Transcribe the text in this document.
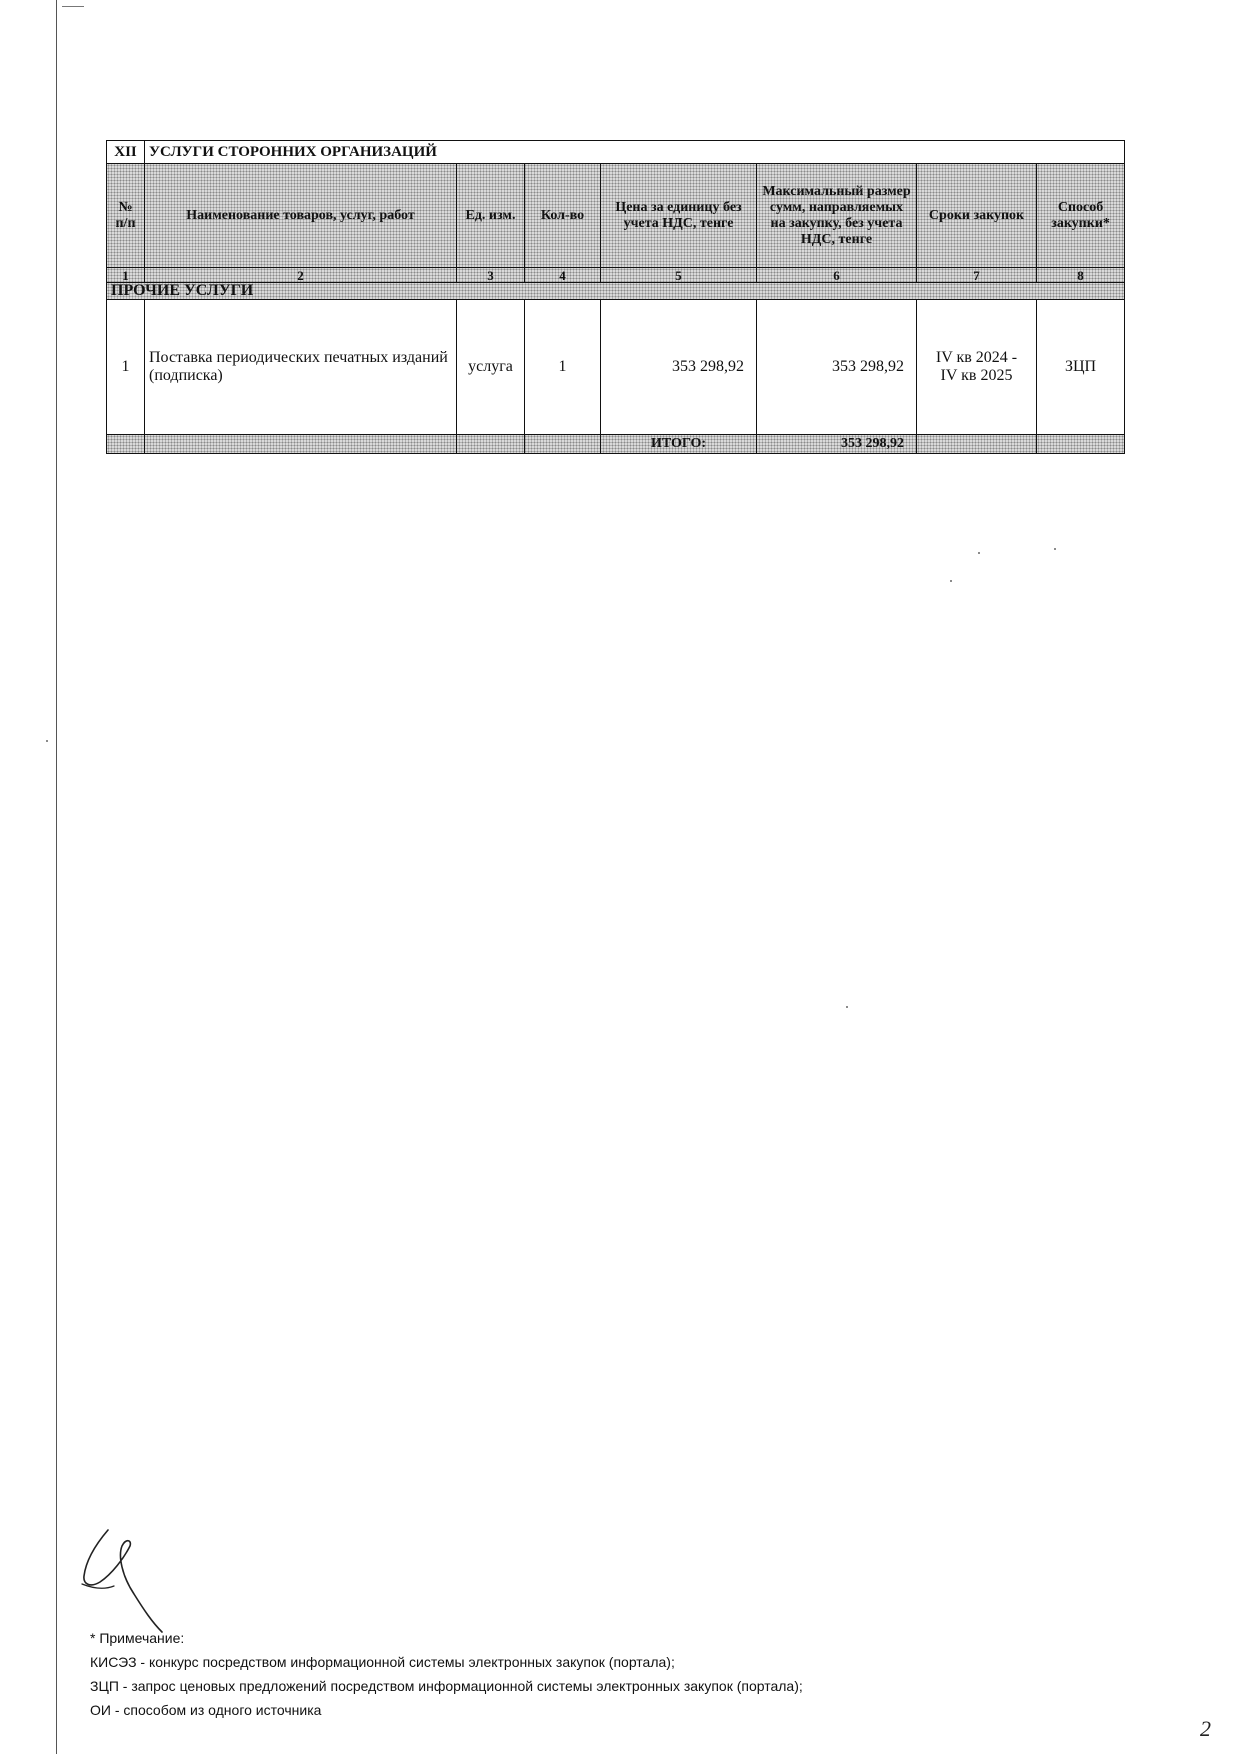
XII	УСЛУГИ СТОРОННИХ ОРГАНИЗАЦИЙ						
№ п/п	Наименование товаров, услуг, работ	Ед. изм.	Кол-во	Цена за единицу без учета НДС, тенге	Максимальный размер сумм, направляемых на закупку, без учета НДС, тенге	Сроки закупок	Способ закупки*
1	2	3	4	5	6	7	8
ПРОЧИЕ УСЛУГИ							
1	Поставка периодических печатных изданий (подписка)	услуга	1	353 298,92	353 298,92	IV кв 2024 - IV кв 2025	ЗЦП
				ИТОГО:	353 298,92		
* Примечание:
КИСЭЗ - конкурс посредством информационной системы электронных закупок (портала);
ЗЦП - запрос ценовых предложений посредством информационной системы электронных закупок (портала);
ОИ - способом из одного источника
2
